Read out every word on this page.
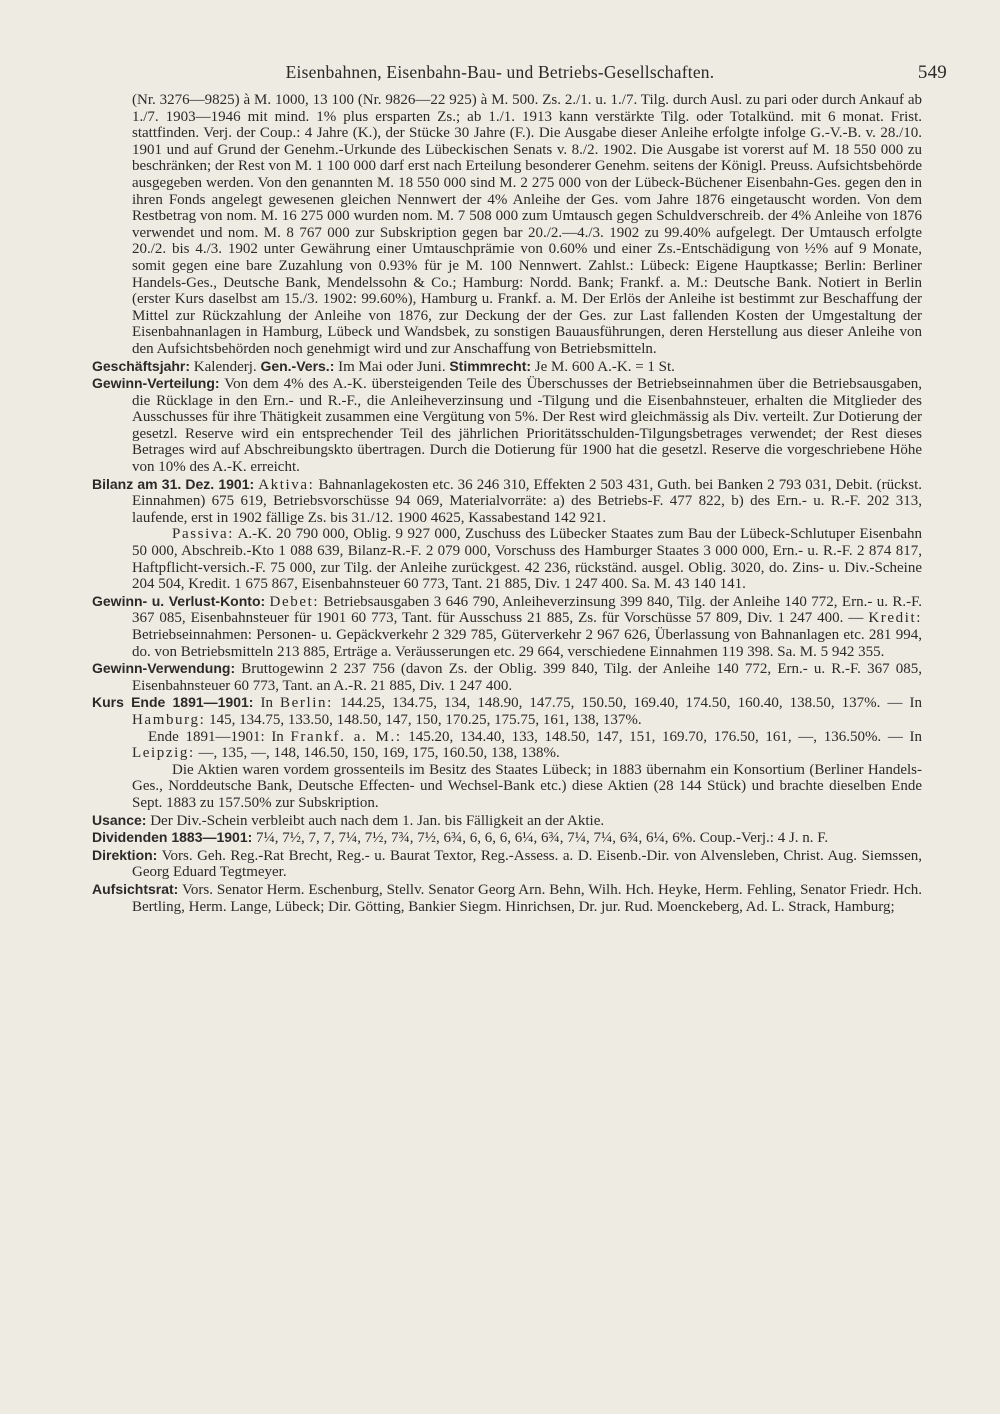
Eisenbahnen, Eisenbahn-Bau- und Betriebs-Gesellschaften.	549

(Nr. 3276—9825) à M. 1000, 13 100 (Nr. 9826—22 925) à M. 500. Zs. 2./1. u. 1./7. Tilg. durch Ausl. zu pari oder durch Ankauf ab 1./7. 1903—1946 mit mind. 1% plus ersparten Zs.; ab 1./1. 1913 kann verstärkte Tilg. oder Totalkünd. mit 6 monat. Frist. stattfinden. Verj. der Coup.: 4 Jahre (K.), der Stücke 30 Jahre (F.). Die Ausgabe dieser Anleihe erfolgte infolge G.-V.-B. v. 28./10. 1901 und auf Grund der Genehm.-Urkunde des Lübeckischen Senats v. 8./2. 1902. Die Ausgabe ist vorerst auf M. 18 550 000 zu beschränken; der Rest von M. 1 100 000 darf erst nach Erteilung besonderer Genehm. seitens der Königl. Preuss. Aufsichtsbehörde ausgegeben werden. Von den genannten M. 18 550 000 sind M. 2 275 000 von der Lübeck-Büchener Eisenbahn-Ges. gegen den in ihren Fonds angelegt gewesenen gleichen Nennwert der 4% Anleihe der Ges. vom Jahre 1876 eingetauscht worden. Von dem Restbetrag von nom. M. 16 275 000 wurden nom. M. 7 508 000 zum Umtausch gegen Schuldverschreib. der 4% Anleihe von 1876 verwendet und nom. M. 8 767 000 zur Subskription gegen bar 20./2.—4./3. 1902 zu 99.40% aufgelegt. Der Umtausch erfolgte 20./2. bis 4./3. 1902 unter Gewährung einer Umtauschprämie von 0.60% und einer Zs.-Entschädigung von ½% auf 9 Monate, somit gegen eine bare Zuzahlung von 0.93% für je M. 100 Nennwert. Zahlst.: Lübeck: Eigene Hauptkasse; Berlin: Berliner Handels-Ges., Deutsche Bank, Mendelssohn & Co.; Hamburg: Nordd. Bank; Frankf. a. M.: Deutsche Bank. Notiert in Berlin (erster Kurs daselbst am 15./3. 1902: 99.60%), Hamburg u. Frankf. a. M. Der Erlös der Anleihe ist bestimmt zur Beschaffung der Mittel zur Rückzahlung der Anleihe von 1876, zur Deckung der der Ges. zur Last fallenden Kosten der Umgestaltung der Eisenbahnanlagen in Hamburg, Lübeck und Wandsbek, zu sonstigen Bauausführungen, deren Herstellung aus dieser Anleihe von den Aufsichtsbehörden noch genehmigt wird und zur Anschaffung von Betriebsmitteln.

Geschäftsjahr: Kalenderj. Gen.-Vers.: Im Mai oder Juni. Stimmrecht: Je M. 600 A.-K. = 1 St.

Gewinn-Verteilung: Von dem 4% des A.-K. übersteigenden Teile des Überschusses der Betriebseinnahmen über die Betriebsausgaben, die Rücklage in den Ern.- und R.-F., die Anleiheverzinsung und -Tilgung und die Eisenbahnsteuer, erhalten die Mitglieder des Ausschusses für ihre Thätigkeit zusammen eine Vergütung von 5%. Der Rest wird gleichmässig als Div. verteilt. Zur Dotierung der gesetzl. Reserve wird ein entsprechender Teil des jährlichen Prioritätsschulden-Tilgungsbetrages verwendet; der Rest dieses Betrages wird auf Abschreibungskto übertragen. Durch die Dotierung für 1900 hat die gesetzl. Reserve die vorgeschriebene Höhe von 10% des A.-K. erreicht.

Bilanz am 31. Dez. 1901: Aktiva: Bahnanlagekosten etc. 36 246 310, Effekten 2 503 431, Guth. bei Banken 2 793 031, Debit. (rückst. Einnahmen) 675 619, Betriebsvorschüsse 94 069, Materialvorräte: a) des Betriebs-F. 477 822, b) des Ern.- u. R.-F. 202 313, laufende, erst in 1902 fällige Zs. bis 31./12. 1900 4625, Kassabestand 142 921.

Passiva: A.-K. 20 790 000, Oblig. 9 927 000, Zuschuss des Lübecker Staates zum Bau der Lübeck-Schlutuper Eisenbahn 50 000, Abschreib.-Kto 1 088 639, Bilanz-R.-F. 2 079 000, Vorschuss des Hamburger Staates 3 000 000, Ern.- u. R.-F. 2 874 817, Haftpflicht-versich.-F. 75 000, zur Tilg. der Anleihe zurückgest. 42 236, rückständ. ausgel. Oblig. 3020, do. Zins- u. Div.-Scheine 204 504, Kredit. 1 675 867, Eisenbahnsteuer 60 773, Tant. 21 885, Div. 1 247 400. Sa. M. 43 140 141.

Gewinn- u. Verlust-Konto: Debet: Betriebsausgaben 3 646 790, Anleiheverzinsung 399 840, Tilg. der Anleihe 140 772, Ern.- u. R.-F. 367 085, Eisenbahnsteuer für 1901 60 773, Tant. für Ausschuss 21 885, Zs. für Vorschüsse 57 809, Div. 1 247 400. — Kredit: Betriebseinnahmen: Personen- u. Gepäckverkehr 2 329 785, Güterverkehr 2 967 626, Überlassung von Bahnanlagen etc. 281 994, do. von Betriebsmitteln 213 885, Erträge a. Veräusserungen etc. 29 664, verschiedene Einnahmen 119 398. Sa. M. 5 942 355.

Gewinn-Verwendung: Bruttogewinn 2 237 756 (davon Zs. der Oblig. 399 840, Tilg. der Anleihe 140 772, Ern.- u. R.-F. 367 085, Eisenbahnsteuer 60 773, Tant. an A.-R. 21 885, Div. 1 247 400.

Kurs Ende 1891—1901: In Berlin: 144.25, 134.75, 134, 148.90, 147.75, 150.50, 169.40, 174.50, 160.40, 138.50, 137%. — In Hamburg: 145, 134.75, 133.50, 148.50, 147, 150, 170.25, 175.75, 161, 138, 137%.

Ende 1891—1901: In Frankf. a. M.: 145.20, 134.40, 133, 148.50, 147, 151, 169.70, 176.50, 161, —, 136.50%. — In Leipzig: —, 135, —, 148, 146.50, 150, 169, 175, 160.50, 138, 138%.

Die Aktien waren vordem grossenteils im Besitz des Staates Lübeck; in 1883 übernahm ein Konsortium (Berliner Handels-Ges., Norddeutsche Bank, Deutsche Effecten- und Wechsel-Bank etc.) diese Aktien (28 144 Stück) und brachte dieselben Ende Sept. 1883 zu 157.50% zur Subskription.

Usance: Der Div.-Schein verbleibt auch nach dem 1. Jan. bis Fälligkeit an der Aktie.

Dividenden 1883—1901: 7¼, 7½, 7, 7, 7¼, 7½, 7¾, 7½, 6¾, 6, 6, 6, 6¼, 6¾, 7¼, 7¼, 6¾, 6¼, 6%. Coup.-Verj.: 4 J. n. F.

Direktion: Vors. Geh. Reg.-Rat Brecht, Reg.- u. Baurat Textor, Reg.-Assess. a. D. Eisenb.-Dir. von Alvensleben, Christ. Aug. Siemssen, Georg Eduard Tegtmeyer.

Aufsichtsrat: Vors. Senator Herm. Eschenburg, Stellv. Senator Georg Arn. Behn, Wilh. Hch. Heyke, Herm. Fehling, Senator Friedr. Hch. Bertling, Herm. Lange, Lübeck; Dir. Götting, Bankier Siegm. Hinrichsen, Dr. jur. Rud. Moenckeberg, Ad. L. Strack, Hamburg;
